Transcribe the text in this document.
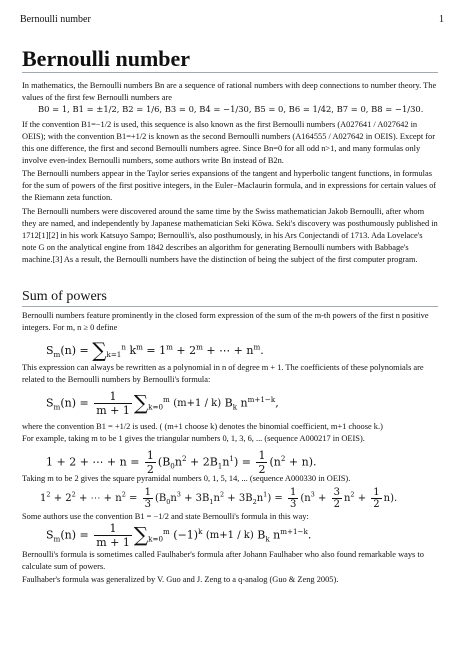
Bernoulli number	1
Bernoulli number

In mathematics, the Bernoulli numbers Bn are a sequence of rational numbers with deep connections to number theory. The values of the first few Bernoulli numbers are

B0 = 1, B1 = ±1/2, B2 = 1/6, B3 = 0, B4 = −1/30, B5 = 0, B6 = 1/42, B7 = 0, B8 = −1/30.

If the convention B1=−1/2 is used, this sequence is also known as the first Bernoulli numbers (A027641 / A027642 in OEIS); with the convention B1=+1/2 is known as the second Bernoulli numbers (A164555 / A027642 in OEIS). Except for this one difference, the first and second Bernoulli numbers agree. Since Bn=0 for all odd n>1, and many formulas only involve even-index Bernoulli numbers, some authors write Bn instead of B2n.

The Bernoulli numbers appear in the Taylor series expansions of the tangent and hyperbolic tangent functions, in formulas for the sum of powers of the first positive integers, in the Euler−Maclaurin formula, and in expressions for certain values of the Riemann zeta function.

The Bernoulli numbers were discovered around the same time by the Swiss mathematician Jakob Bernoulli, after whom they are named, and independently by Japanese mathematician Seki Kōwa. Seki's discovery was posthumously published in 1712[1][2] in his work Katsuyo Sampo; Bernoulli's, also posthumously, in his Ars Conjectandi of 1713. Ada Lovelace's note G on the analytical engine from 1842 describes an algorithm for generating Bernoulli numbers with Babbage's machine.[3] As a result, the Bernoulli numbers have the distinction of being the subject of the first computer program.

Sum of powers

Bernoulli numbers feature prominently in the closed form expression of the sum of the m-th powers of the first n positive integers. For m, n ≥ 0 define

$S_m(n) = \sum_{k=1}^n$ $k^m = 1^m + 2^m$ + ⋯ + $n^m$.

This expression can always be rewritten as a polynomial in n of degree m + 1. The coefficients of these polynomials are related to the Bernoulli numbers by Bernoulli's formula:

$S_m(n) = \frac{1}{m + 1} \sum_{k=0}^m$ (m+1 / k) $B_k$ $n^{m+1-k}$,

where the convention B1 = +1/2 is used. ( (m+1 choose k) denotes the binomial coefficient, m+1 choose k.)

For example, taking m to be 1 gives the triangular numbers 0, 1, 3, 6, ... (sequence A000217 in OEIS).

1 + 2 + ⋯ + $n = \frac{1}{2} (B_0n^2 + 2B_1n^1) = \frac{1}{2} (n^2 + n)$.

Taking m to be 2 gives the square pyramidal numbers 0, 1, 5, 14, ... (sequence A000330 in OEIS).

$1^2 + 2^2$ + ⋯ + $n^2 = \frac{1}{3} (B_0n^3 + 3B_1n^2 + 3B_2n^1) = \frac{1}{3} (n^3 + \frac{3}{2} n^2 + \frac{1}{2} n)$.

Some authors use the convention B1 = −1/2 and state Bernoulli's formula in this way:

$S_m(n) = \frac{1}{m + 1} \sum_{k=0}^m$ $(-1)^k$ (m+1 / k) $B_k$ $n^{m+1-k}$.

Bernoulli's formula is sometimes called Faulhaber's formula after Johann Faulhaber who also found remarkable ways to calculate sum of powers.

Faulhaber's formula was generalized by V. Guo and J. Zeng to a q-analog (Guo & Zeng 2005).
